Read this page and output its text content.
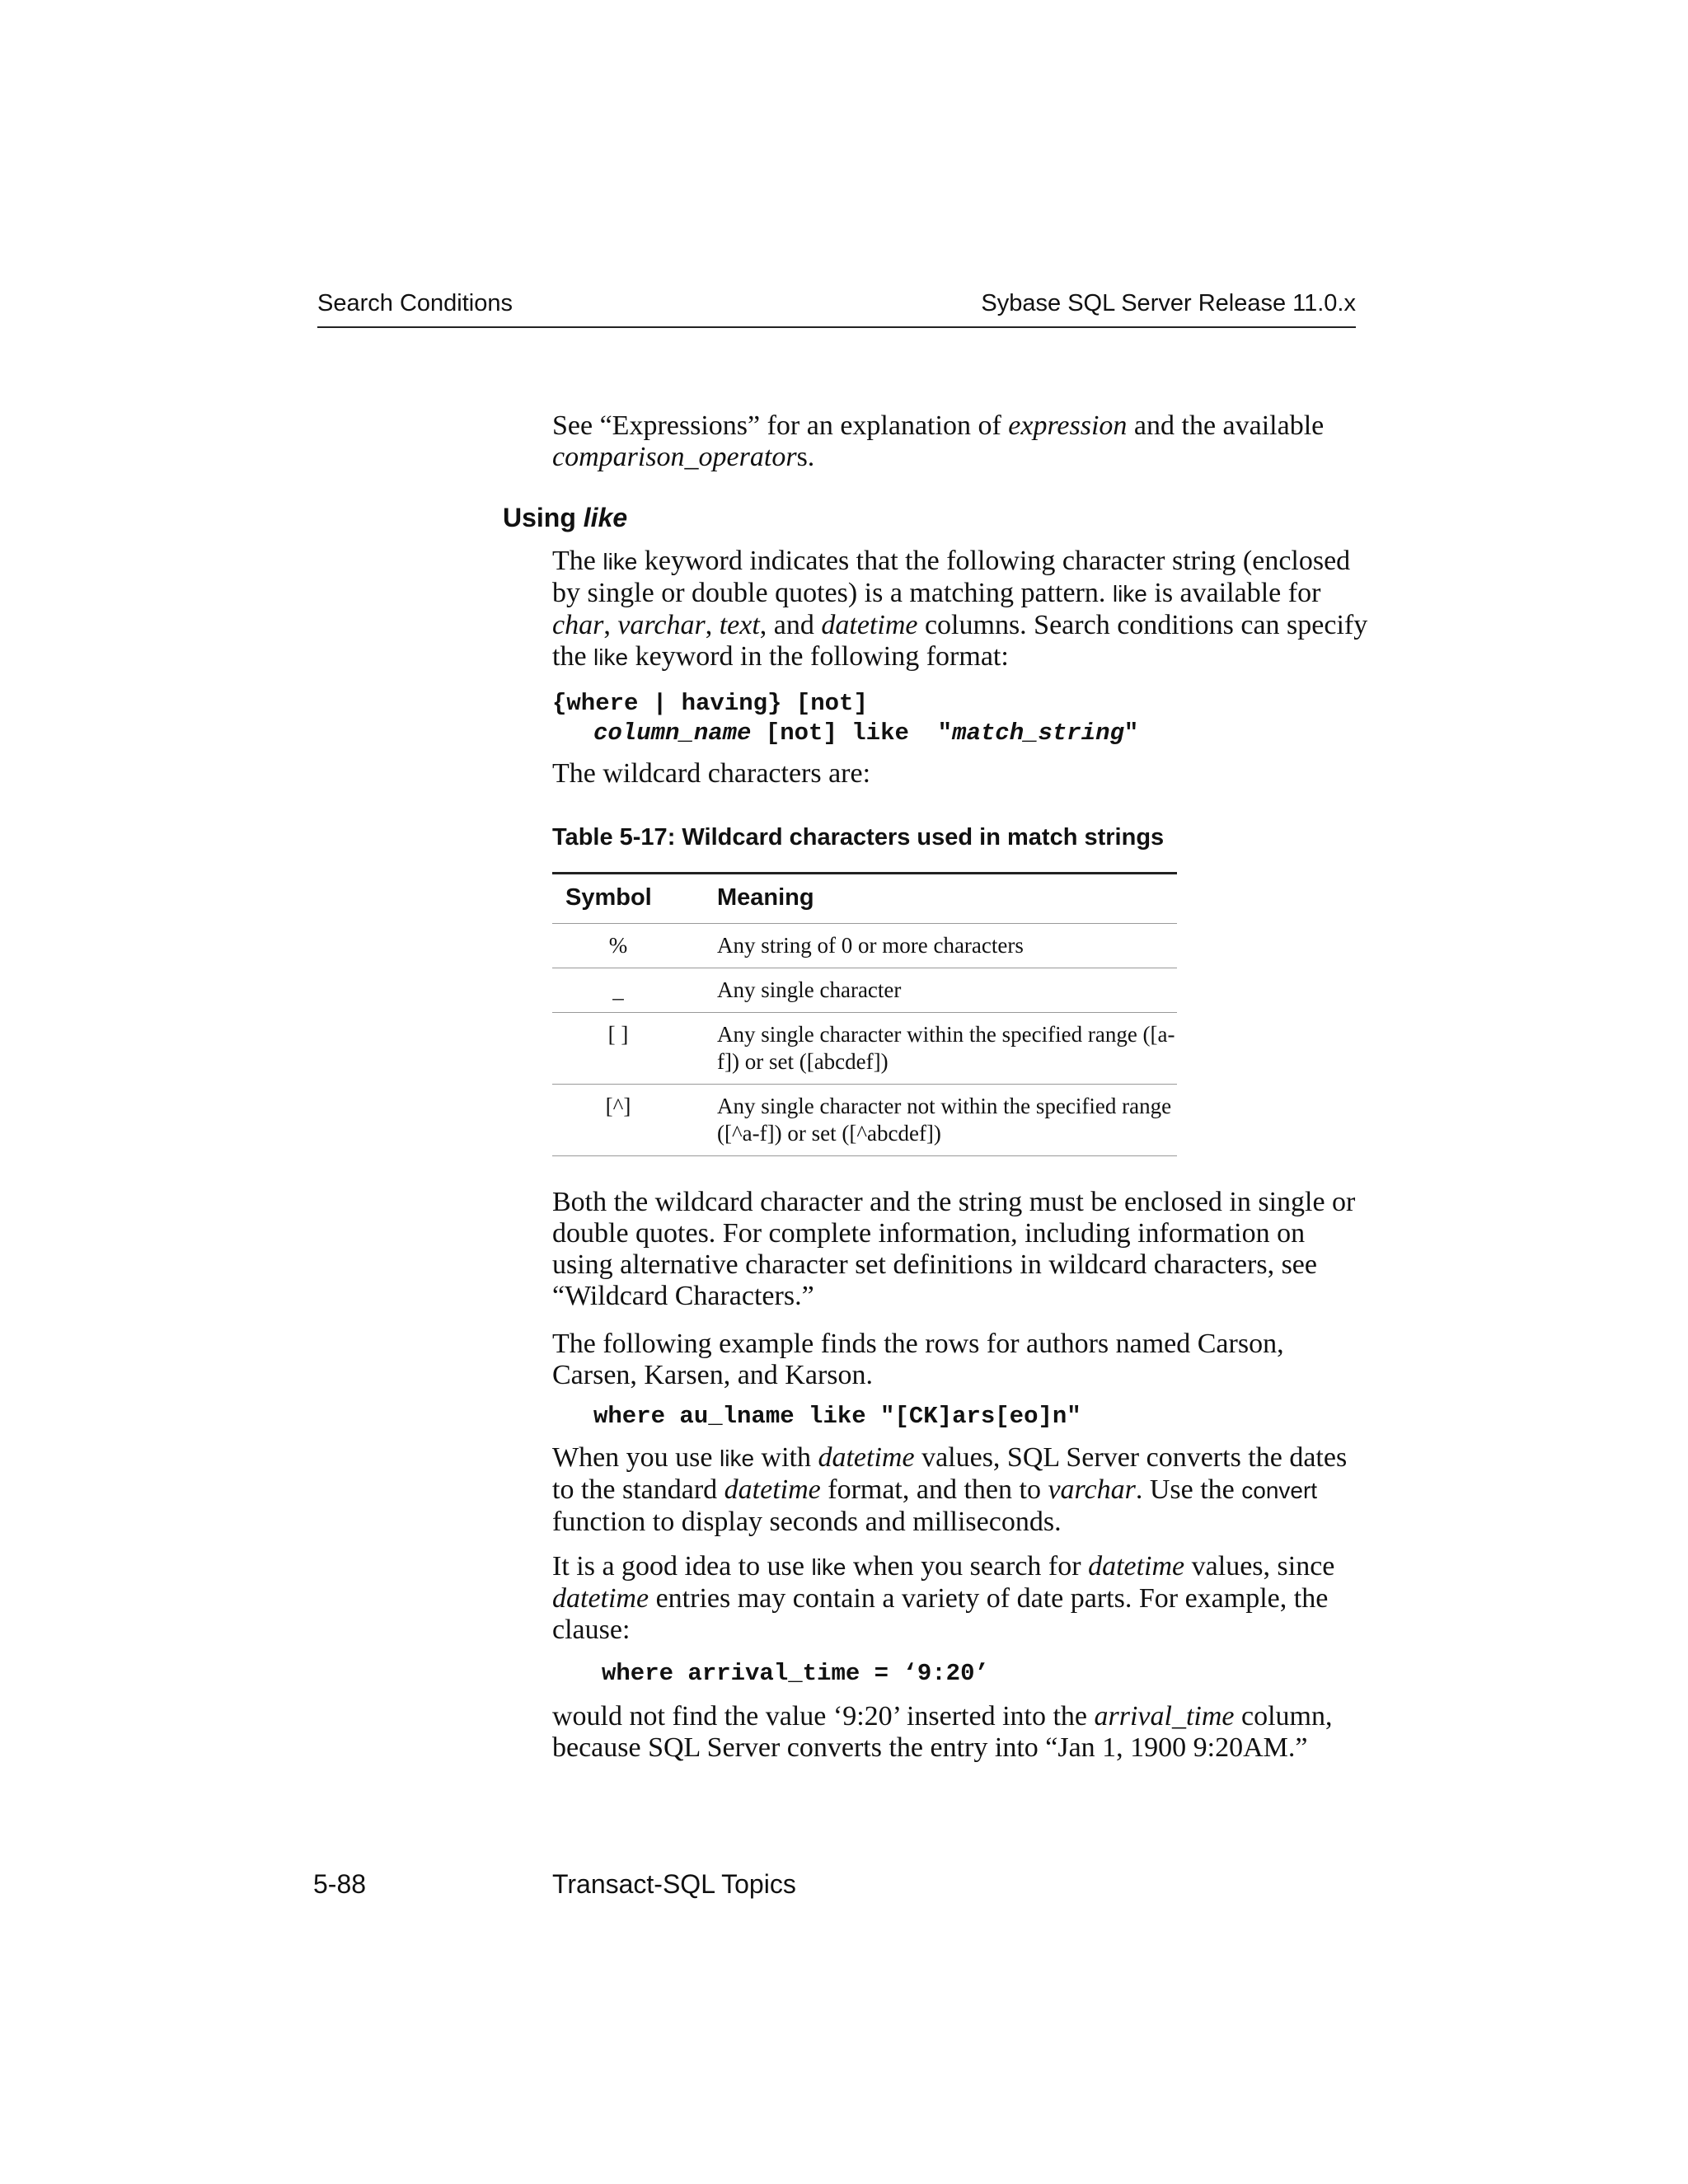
Search Conditions	Sybase SQL Server Release 11.0.x

See “Expressions” for an explanation of expression and the available comparison_operators.

Using like

The like keyword indicates that the following character string (enclosed by single or double quotes) is a matching pattern. like is available for char, varchar, text, and datetime columns. Search conditions can specify the like keyword in the following format:

{where | having} [not]
column_name [not] like  "match_string"
The wildcard characters are:
Table 5-17: Wildcard characters used in match strings
Symbol	Meaning
%	Any string of 0 or more characters
_	Any single character
[ ]	Any single character within the specified range ([a-f]) or set ([abcdef])
[^]	Any single character not within the specified range ([^a-f]) or set ([^abcdef])
Both the wildcard character and the string must be enclosed in single or double quotes. For complete information, including information on using alternative character set definitions in wildcard characters, see “Wildcard Characters.”
The following example finds the rows for authors named Carson, Carsen, Karsen, and Karson.
where au_lname like "[CK]ars[eo]n"

When you use like with datetime values, SQL Server converts the dates to the standard datetime format, and then to varchar. Use the convert function to display seconds and milliseconds.

It is a good idea to use like when you search for datetime values, since datetime entries may contain a variety of date parts. For example, the clause:

where arrival_time = ‘9:20’

would not find the value ‘9:20’ inserted into the arrival_time column, because SQL Server converts the entry into “Jan 1, 1900 9:20AM.”

5-88	Transact-SQL Topics
